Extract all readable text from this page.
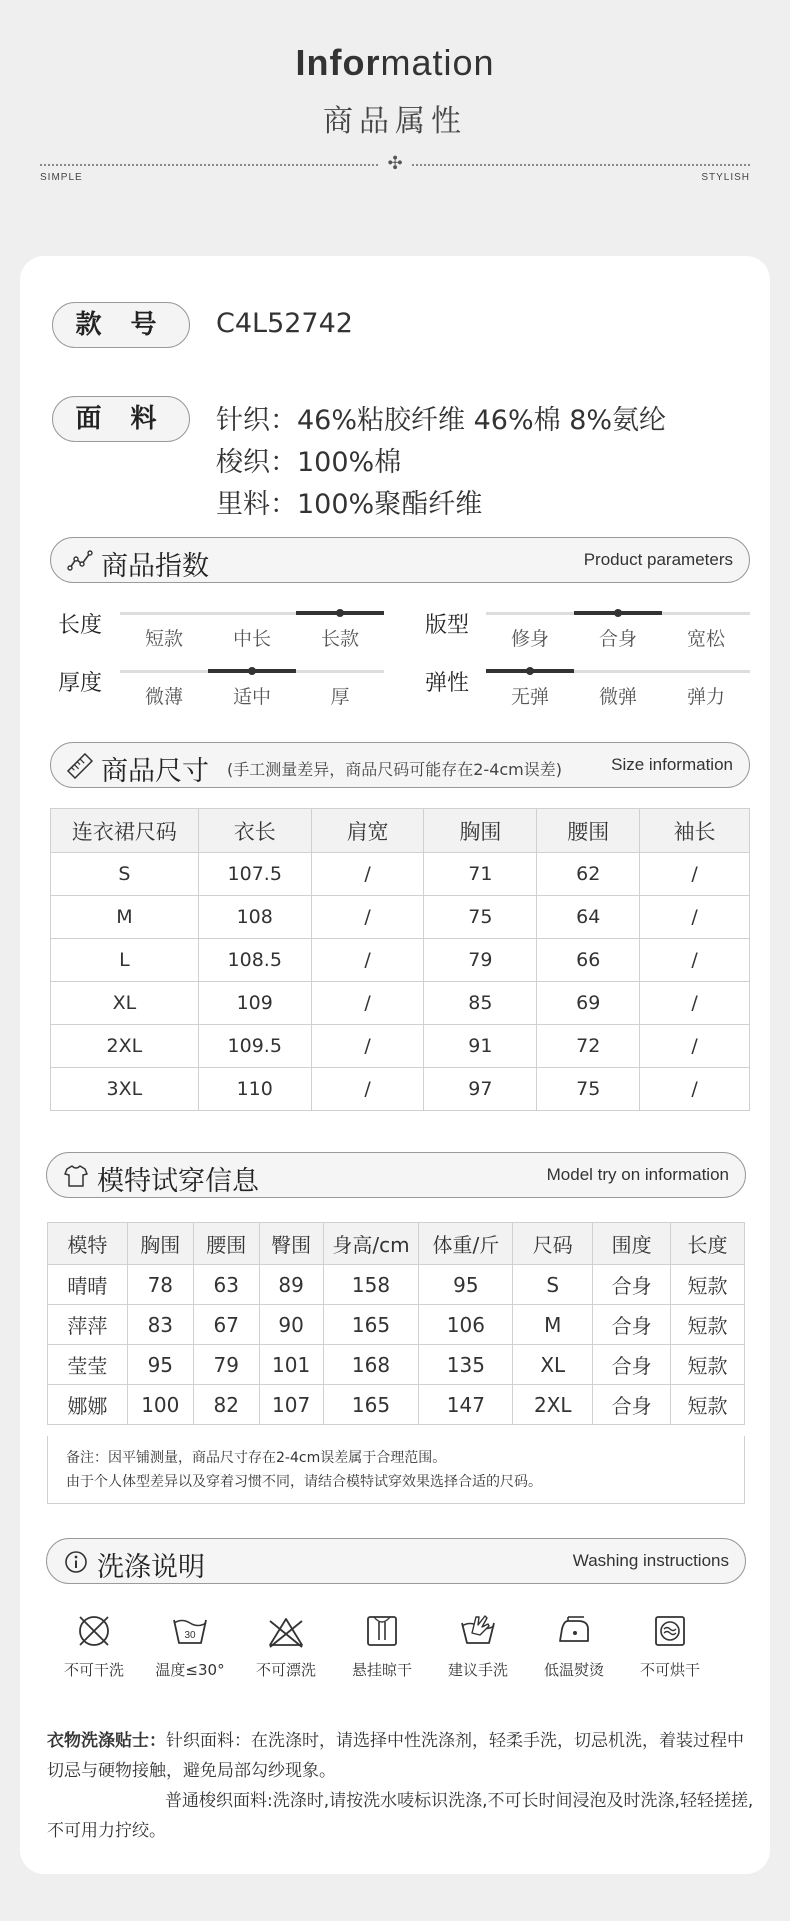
Information
商品属性
✣
SIMPLE	STYLISH
款 号	C4L52742
面 料	针织：46%粘胶纤维 46%棉 8%氨纶
梭织：100%棉
里料：100%聚酯纤维
商品指数	Product parameters
长度
短款	中长	长款
版型
修身	合身	宽松
厚度
微薄	适中	厚
弹性
无弹	微弹	弹力
商品尺寸 (手工测量差异，商品尺码可能存在2-4cm误差)	Size information
连衣裙尺码	衣长	肩宽	胸围	腰围	袖长
S	107.5	/	71	62	/
M	108	/	75	64	/
L	108.5	/	79	66	/
XL	109	/	85	69	/
2XL	109.5	/	91	72	/
3XL	110	/	97	75	/
模特试穿信息	Model try on information
模特	胸围	腰围	臀围	身高/cm	体重/斤	尺码	围度	长度
晴晴	78	63	89	158	95	S	合身	短款
萍萍	83	67	90	165	106	M	合身	短款
莹莹	95	79	101	168	135	XL	合身	短款
娜娜	100	82	107	165	147	2XL	合身	短款
备注：因平铺测量，商品尺寸存在2-4cm误差属于合理范围。
由于个人体型差异以及穿着习惯不同，请结合模特试穿效果选择合适的尺码。
洗涤说明	Washing instructions
不可干洗
30
温度≤30°	不可漂洗	悬挂晾干	建议手洗	低温熨烫	不可烘干
衣物洗涤贴士：针织面料：在洗涤时，请选择中性洗涤剂，轻柔手洗，切忌机洗，着装过程中切忌与硬物接触，避免局部勾纱现象。
普通梭织面料:洗涤时,请按洗水唛标识洗涤,不可长时间浸泡及时洗涤,轻轻搓搓,不可用力拧绞。
